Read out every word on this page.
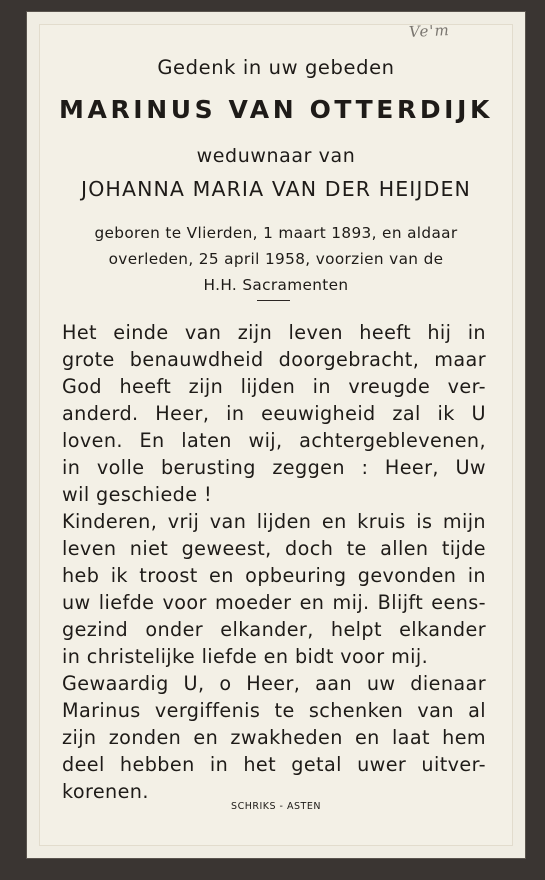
Ve'm
Gedenk in uw gebeden
MARINUS VAN OTTERDIJK
weduwnaar van
JOHANNA MARIA VAN DER HEIJDEN
geboren te Vlierden, 1 maart 1893, en aldaar
overleden, 25 april 1958, voorzien van de
H.H. Sacramenten
Het einde van zijn leven heeft hij in
grote benauwdheid doorgebracht, maar
God heeft zijn lijden in vreugde ver-
anderd. Heer, in eeuwigheid zal ik U
loven. En laten wij, achtergeblevenen,
in volle berusting zeggen : Heer, Uw
wil geschiede !
Kinderen, vrij van lijden en kruis is mijn
leven niet geweest, doch te allen tijde
heb ik troost en opbeuring gevonden in
uw liefde voor moeder en mij. Blijft eens-
gezind onder elkander, helpt elkander
in christelijke liefde en bidt voor mij.
Gewaardig U, o Heer, aan uw dienaar
Marinus vergiffenis te schenken van al
zijn zonden en zwakheden en laat hem
deel hebben in het getal uwer uitver-
korenen.
SCHRIKS - ASTEN
